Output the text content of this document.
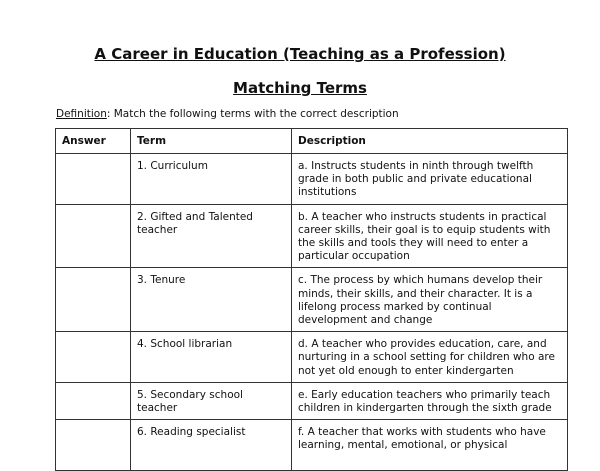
A Career in Education (Teaching as a Profession)
Matching Terms
Definition: Match the following terms with the correct description
Answer	Term	Description
	1. Curriculum	a. Instructs students in ninth through twelfth grade in both public and private educational institutions
	2. Gifted and Talented teacher	b. A teacher who instructs students in practical career skills, their goal is to equip students with the skills and tools they will need to enter a particular occupation
	3. Tenure	c. The process by which humans develop their minds, their skills, and their character. It is a lifelong process marked by continual development and change
	4. School librarian	d. A teacher who provides education, care, and nurturing in a school setting for children who are not yet old enough to enter kindergarten
	5. Secondary school teacher	e. Early education teachers who primarily teach children in kindergarten through the sixth grade
	6. Reading specialist	f. A teacher that works with students who have learning, mental, emotional, or physical
